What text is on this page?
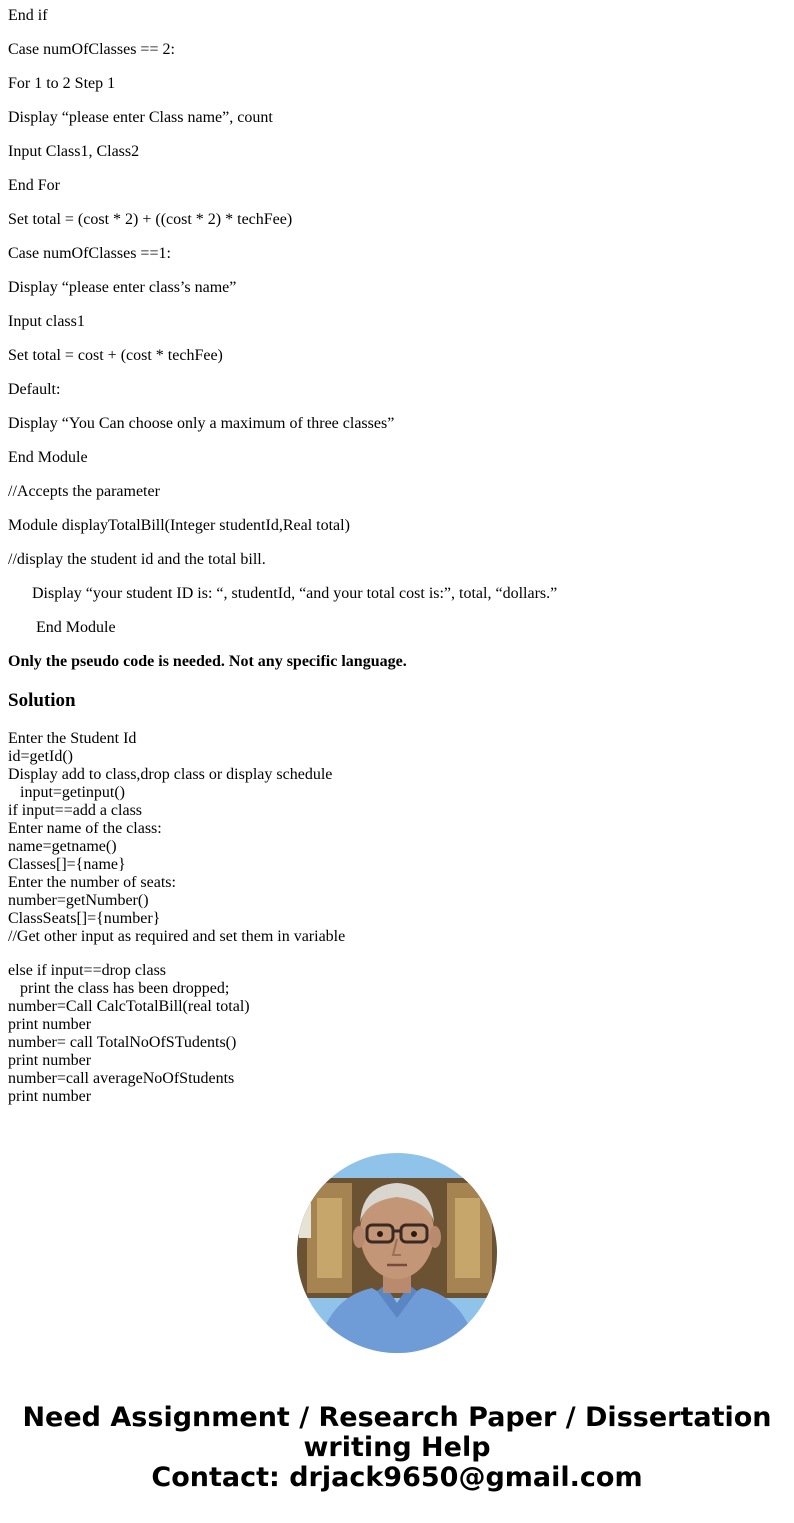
End if

Case numOfClasses == 2:

For 1 to 2 Step 1

Display “please enter Class name”, count

Input Class1, Class2

End For

Set total = (cost * 2) + ((cost * 2) * techFee)

Case numOfClasses ==1:

Display “please enter class’s name”

Input class1

Set total = cost + (cost * techFee)

Default:

Display “You Can choose only a maximum of three classes”

End Module

//Accepts the parameter

Module displayTotalBill(Integer studentId,Real total)

//display the student id and the total bill.

Display “your student ID is: “, studentId, “and your total cost is:”, total, “dollars.”

End Module

Only the pseudo code is needed. Not any specific language.

Solution
Enter the Student Id
id=getId()
Display add to class,drop class or display schedule
input=getinput()
if input==add a class
Enter name of the class:
name=getname()
Classes[]={name}
Enter the number of seats:
number=getNumber()
ClassSeats[]={number}
//Get other input as required and set them in variable
else if input==drop class
print the class has been dropped;
number=Call CalcTotalBill(real total)
print number
number= call TotalNoOfSTudents()
print number
number=call averageNoOfStudents
print number
Need Assignment / Research Paper / Dissertation
writing Help
Contact: drjack9650@gmail.com
